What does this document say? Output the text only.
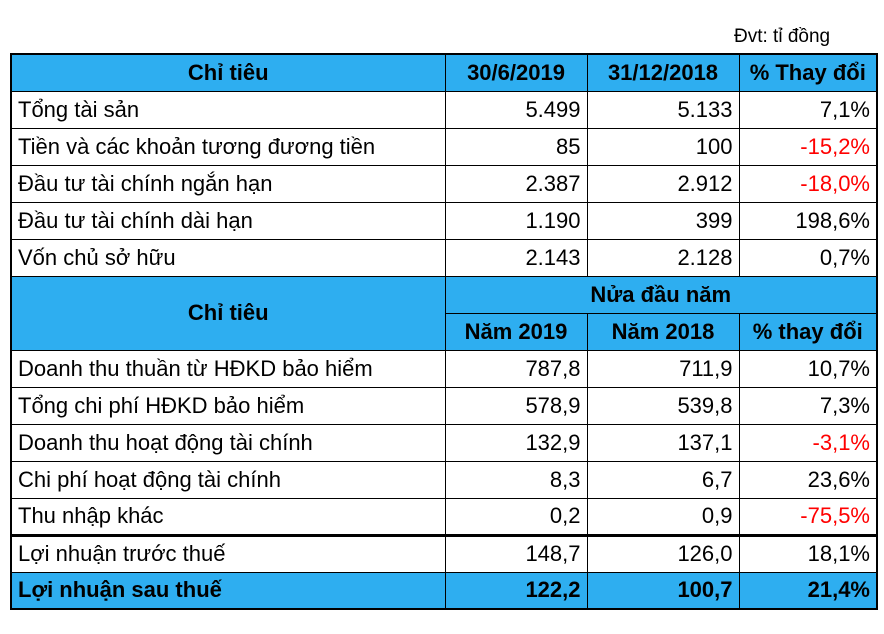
Đvt: tỉ đồng
Chỉ tiêu	30/6/2019	31/12/2018	% Thay đổi
Tổng tài sản	5.499	5.133	7,1%
Tiền và các khoản tương đương tiền	85	100	-15,2%
Đầu tư tài chính ngắn hạn	2.387	2.912	-18,0%
Đầu tư tài chính dài hạn	1.190	399	198,6%
Vốn chủ sở hữu	2.143	2.128	0,7%
Chỉ tiêu	Nửa đầu năm		
	Năm 2019	Năm 2018	% thay đổi
Doanh thu thuần từ HĐKD bảo hiểm	787,8	711,9	10,7%
Tổng chi phí HĐKD bảo hiểm	578,9	539,8	7,3%
Doanh thu hoạt động tài chính	132,9	137,1	-3,1%
Chi phí hoạt động tài chính	8,3	6,7	23,6%
Thu nhập khác	0,2	0,9	-75,5%
Lợi nhuận trước thuế	148,7	126,0	18,1%
Lợi nhuận sau thuế	122,2	100,7	21,4%
